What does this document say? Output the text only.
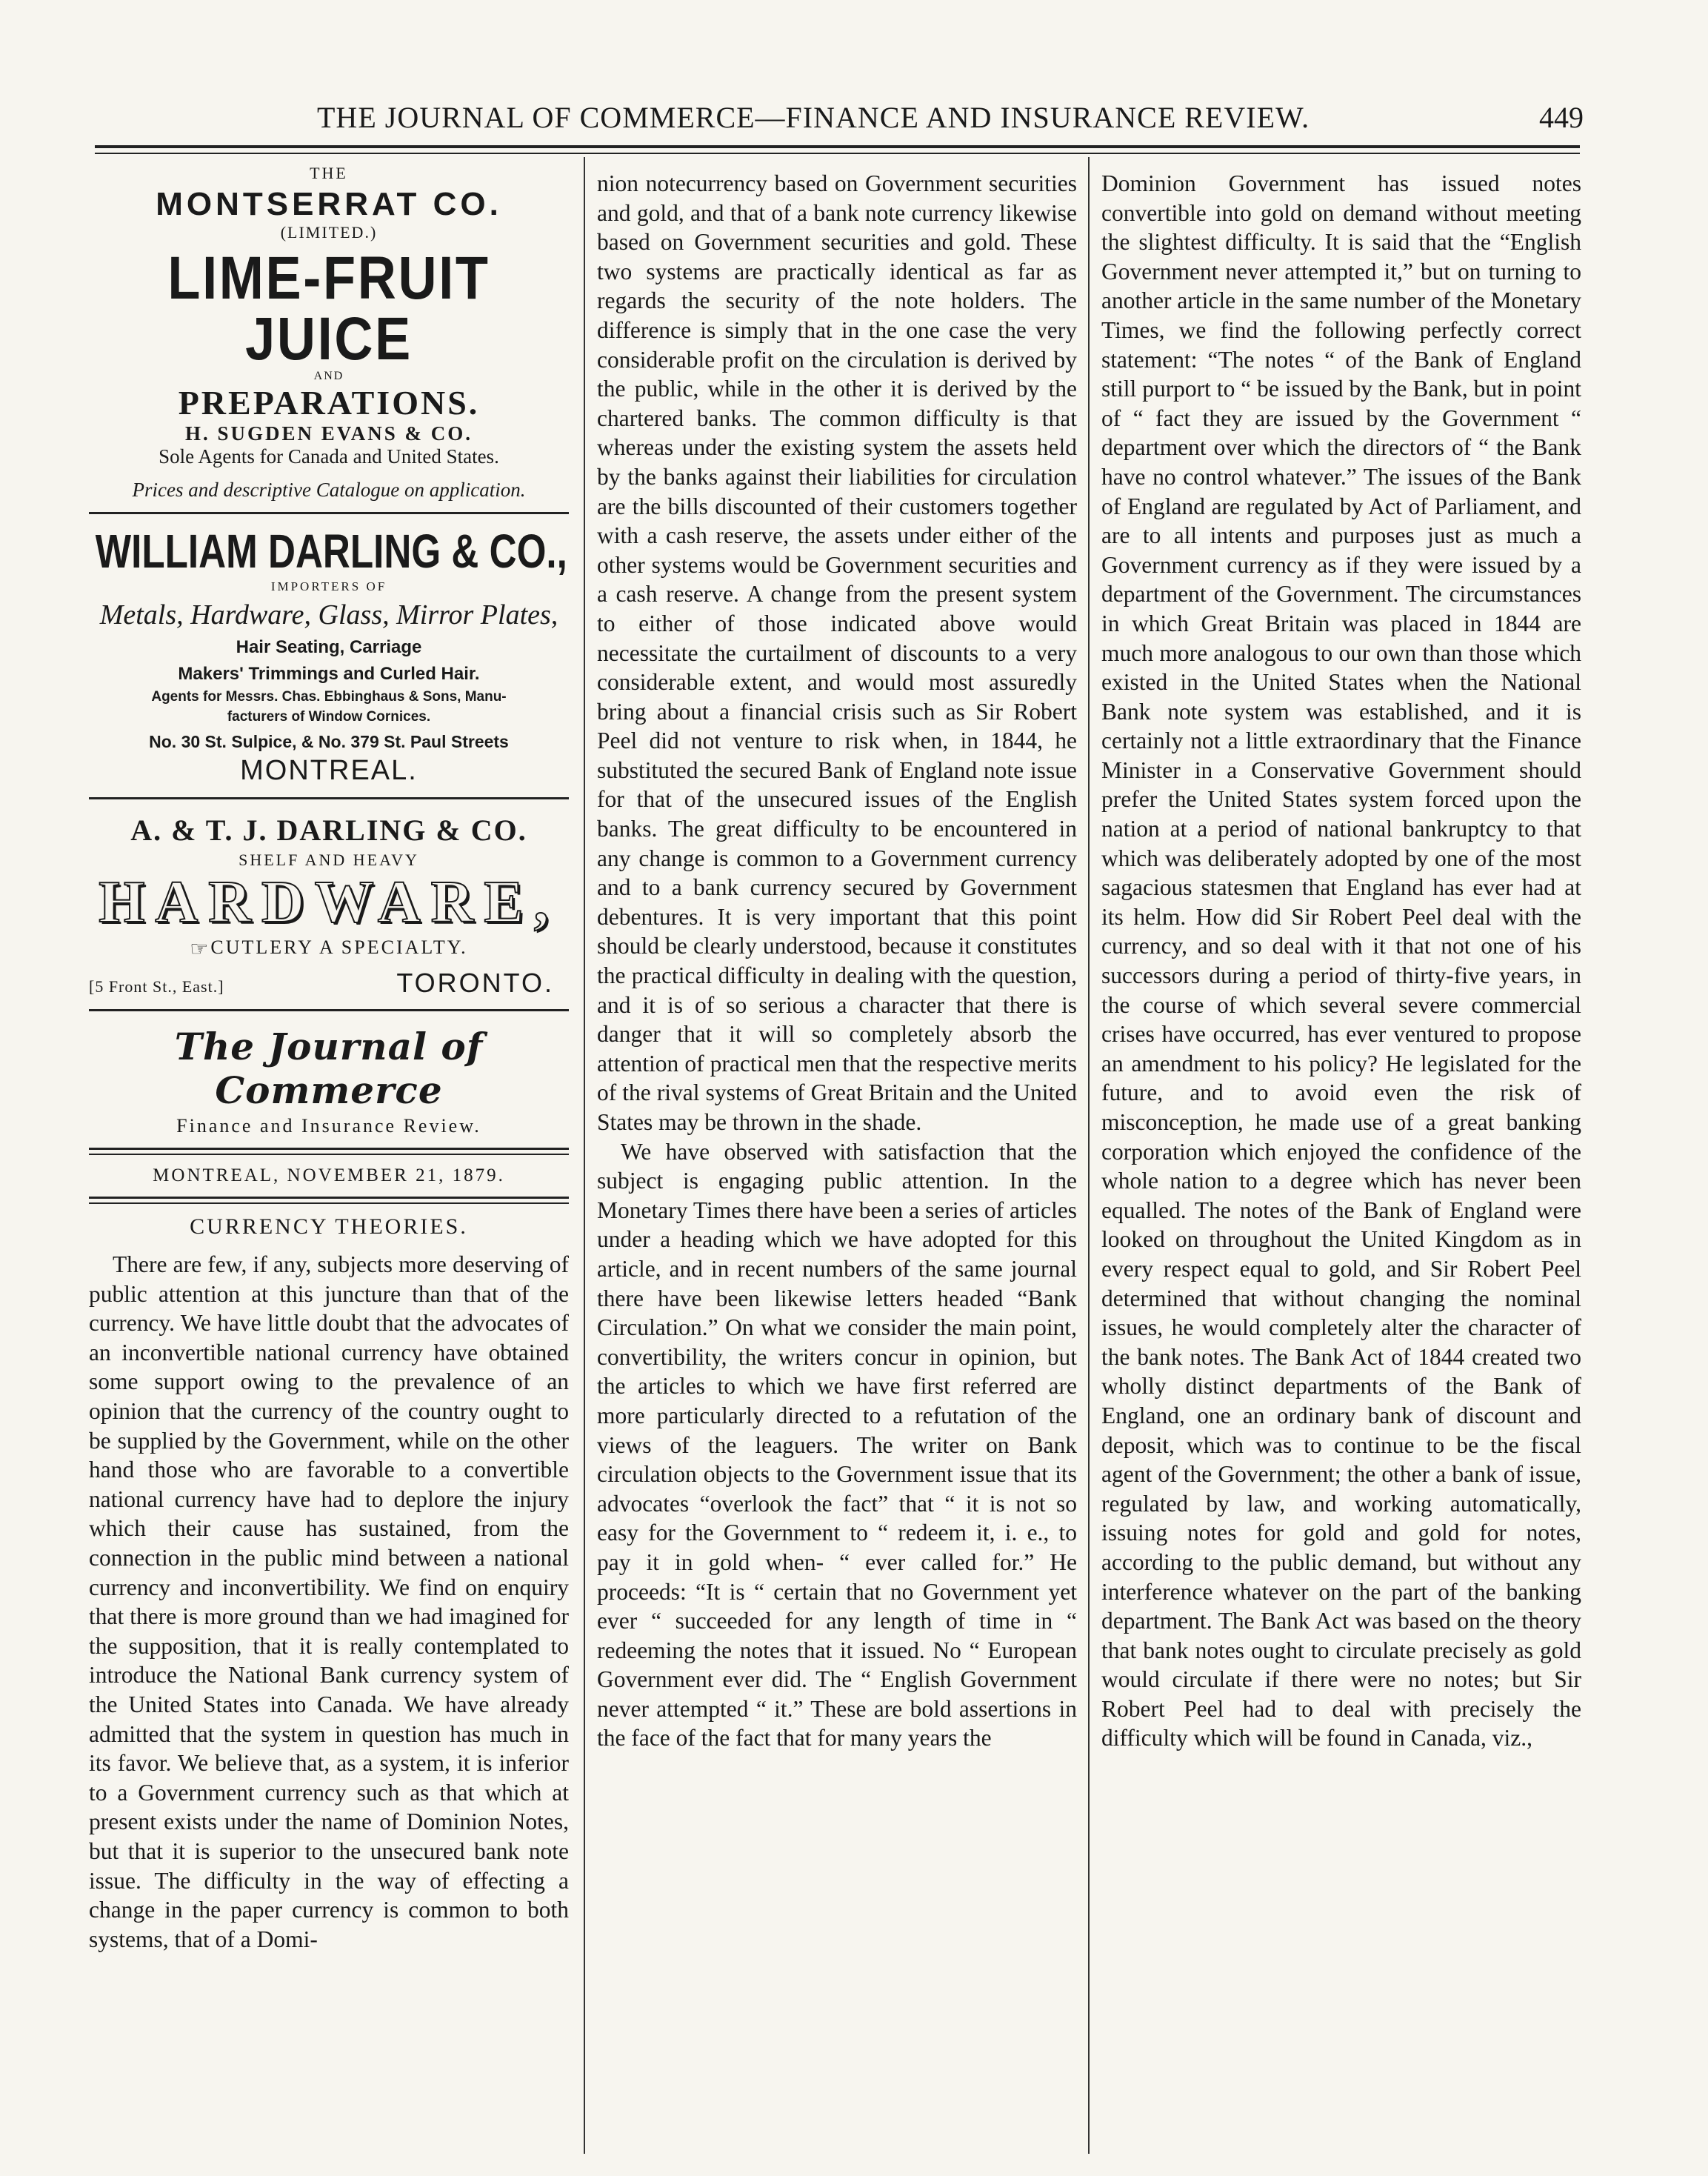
THE JOURNAL OF COMMERCE—FINANCE AND INSURANCE REVIEW.	449
THE
MONTSERRAT CO.
(LIMITED.)
LIME-FRUIT JUICE
AND
PREPARATIONS.
H. SUGDEN EVANS & CO.
Sole Agents for Canada and United States.
Prices and descriptive Catalogue on application.
WILLIAM DARLING & CO.,
IMPORTERS OF
Metals, Hardware, Glass, Mirror Plates,
Hair Seating, Carriage
Makers' Trimmings and Curled Hair.
Agents for Messrs. Chas. Ebbinghaus & Sons, Manu-
facturers of Window Cornices.
No. 30 St. Sulpice, & No. 379 St. Paul Streets
MONTREAL.
A. & T. J. DARLING & CO.
SHELF AND HEAVY
HARDWARE,
☞CUTLERY A SPECIALTY.
[5 Front St., East.]	TORONTO.
The Journal of Commerce
Finance and Insurance Review.
MONTREAL, NOVEMBER 21, 1879.
CURRENCY THEORIES.

There are few, if any, subjects more deserving of public attention at this juncture than that of the currency. We have little doubt that the advocates of an inconvertible national currency have obtained some support owing to the prevalence of an opinion that the currency of the country ought to be supplied by the Government, while on the other hand those who are favorable to a convertible national currency have had to deplore the injury which their cause has sustained, from the connection in the public mind between a national currency and inconvertibility. We find on enquiry that there is more ground than we had imagined for the supposition, that it is really contemplated to introduce the National Bank currency system of the United States into Canada. We have already admitted that the system in question has much in its favor. We believe that, as a system, it is inferior to a Government currency such as that which at present exists under the name of Dominion Notes, but that it is superior to the unsecured bank note issue. The difficulty in the way of effecting a change in the paper currency is common to both systems, that of a Domi-

nion notecurrency based on Government securities and gold, and that of a bank note currency likewise based on Government securities and gold. These two systems are practically identical as far as regards the security of the note holders. The difference is simply that in the one case the very considerable profit on the circulation is derived by the public, while in the other it is derived by the chartered banks. The common difficulty is that whereas under the existing system the assets held by the banks against their liabilities for circulation are the bills discounted of their customers together with a cash reserve, the assets under either of the other systems would be Government securities and a cash reserve. A change from the present system to either of those indicated above would necessitate the curtailment of discounts to a very considerable extent, and would most assuredly bring about a financial crisis such as Sir Robert Peel did not venture to risk when, in 1844, he substituted the secured Bank of England note issue for that of the unsecured issues of the English banks. The great difficulty to be encountered in any change is common to a Government currency and to a bank currency secured by Government debentures. It is very important that this point should be clearly understood, because it constitutes the practical difficulty in dealing with the question, and it is of so serious a character that there is danger that it will so completely absorb the attention of practical men that the respective merits of the rival systems of Great Britain and the United States may be thrown in the shade.

We have observed with satisfaction that the subject is engaging public attention. In the Monetary Times there have been a series of articles under a heading which we have adopted for this article, and in recent numbers of the same journal there have been likewise letters headed “Bank Circulation.” On what we consider the main point, convertibility, the writers concur in opinion, but the articles to which we have first referred are more particularly directed to a refutation of the views of the leaguers. The writer on Bank circulation objects to the Government issue that its advocates “overlook the fact” that “ it is not so easy for the Government to “ redeem it, i. e., to pay it in gold when- “ ever called for.” He proceeds: “It is “ certain that no Government yet ever “ succeeded for any length of time in “ redeeming the notes that it issued. No “ European Government ever did. The “ English Government never attempted “ it.” These are bold assertions in the face of the fact that for many years the

Dominion Government has issued notes convertible into gold on demand without meeting the slightest difficulty. It is said that the “English Government never attempted it,” but on turning to another article in the same number of the Monetary Times, we find the following perfectly correct statement: “The notes “ of the Bank of England still purport to “ be issued by the Bank, but in point of “ fact they are issued by the Government “ department over which the directors of “ the Bank have no control whatever.” The issues of the Bank of England are regulated by Act of Parliament, and are to all intents and purposes just as much a Government currency as if they were issued by a department of the Government. The circumstances in which Great Britain was placed in 1844 are much more analogous to our own than those which existed in the United States when the National Bank note system was established, and it is certainly not a little extraordinary that the Finance Minister in a Conservative Government should prefer the United States system forced upon the nation at a period of national bankruptcy to that which was deliberately adopted by one of the most sagacious statesmen that England has ever had at its helm. How did Sir Robert Peel deal with the currency, and so deal with it that not one of his successors during a period of thirty-five years, in the course of which several severe commercial crises have occurred, has ever ventured to propose an amendment to his policy? He legislated for the future, and to avoid even the risk of misconception, he made use of a great banking corporation which enjoyed the confidence of the whole nation to a degree which has never been equalled. The notes of the Bank of England were looked on throughout the United Kingdom as in every respect equal to gold, and Sir Robert Peel determined that without changing the nominal issues, he would completely alter the character of the bank notes. The Bank Act of 1844 created two wholly distinct departments of the Bank of England, one an ordinary bank of discount and deposit, which was to continue to be the fiscal agent of the Government; the other a bank of issue, regulated by law, and working automatically, issuing notes for gold and gold for notes, according to the public demand, but without any interference whatever on the part of the banking department. The Bank Act was based on the theory that bank notes ought to circulate precisely as gold would circulate if there were no notes; but Sir Robert Peel had to deal with precisely the difficulty which will be found in Canada, viz.,
